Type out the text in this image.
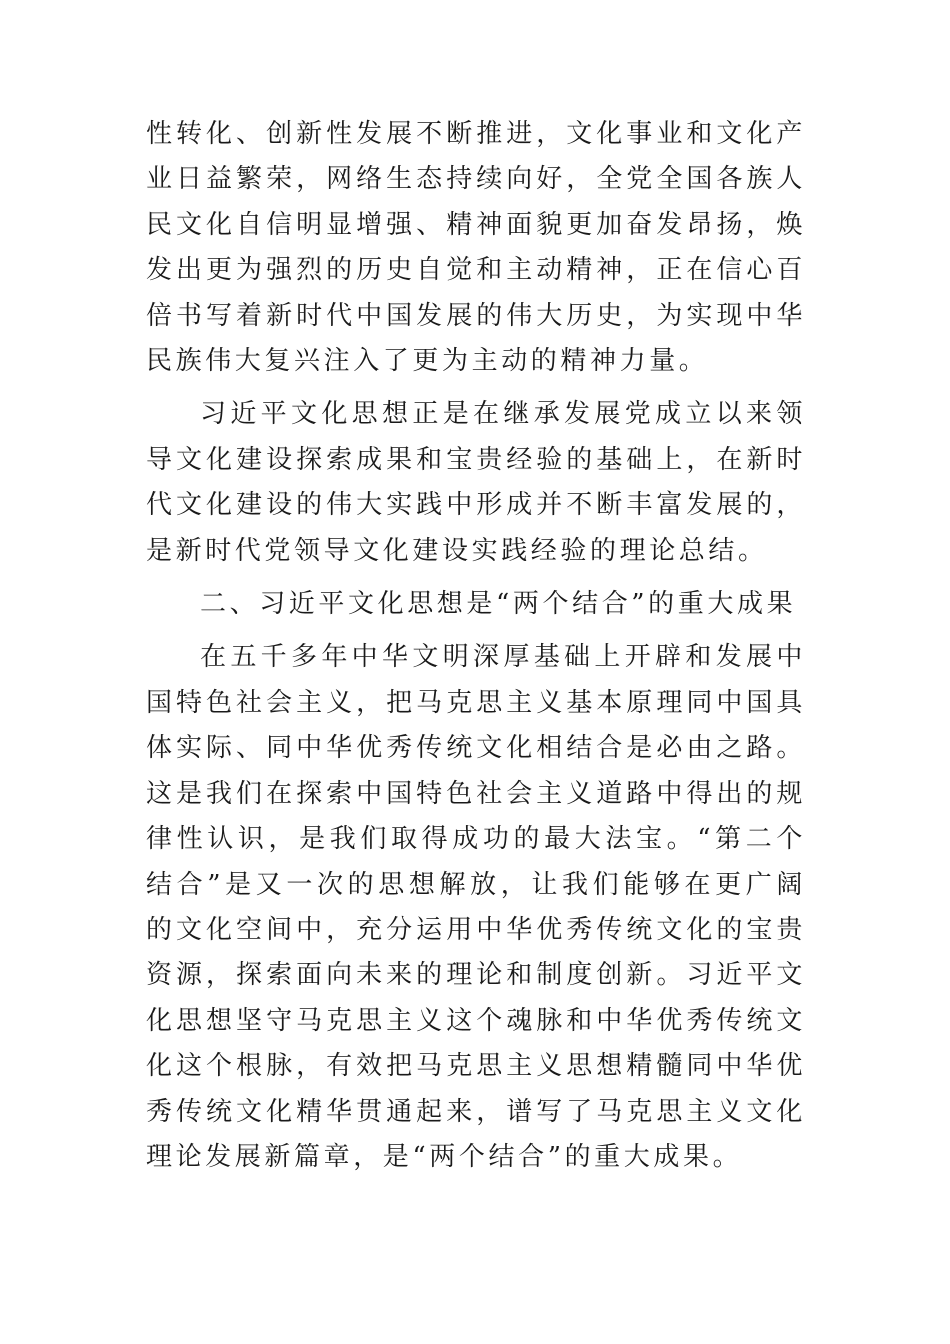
性转化、创新性发展不断推进，文化事业和文化产业日益繁荣，网络生态持续向好，全党全国各族人民文化自信明显增强、精神面貌更加奋发昂扬，焕发出更为强烈的历史自觉和主动精神，正在信心百倍书写着新时代中国发展的伟大历史，为实现中华民族伟大复兴注入了更为主动的精神力量。

习近平文化思想正是在继承发展党成立以来领导文化建设探索成果和宝贵经验的基础上，在新时代文化建设的伟大实践中形成并不断丰富发展的，是新时代党领导文化建设实践经验的理论总结。

二、习近平文化思想是“两个结合”的重大成果

在五千多年中华文明深厚基础上开辟和发展中国特色社会主义，把马克思主义基本原理同中国具体实际、同中华优秀传统文化相结合是必由之路。这是我们在探索中国特色社会主义道路中得出的规律性认识，是我们取得成功的最大法宝。“第二个结合”是又一次的思想解放，让我们能够在更广阔的文化空间中，充分运用中华优秀传统文化的宝贵资源，探索面向未来的理论和制度创新。习近平文化思想坚守马克思主义这个魂脉和中华优秀传统文化这个根脉，有效把马克思主义思想精髓同中华优秀传统文化精华贯通起来，谱写了马克思主义文化理论发展新篇章，是“两个结合”的重大成果。
